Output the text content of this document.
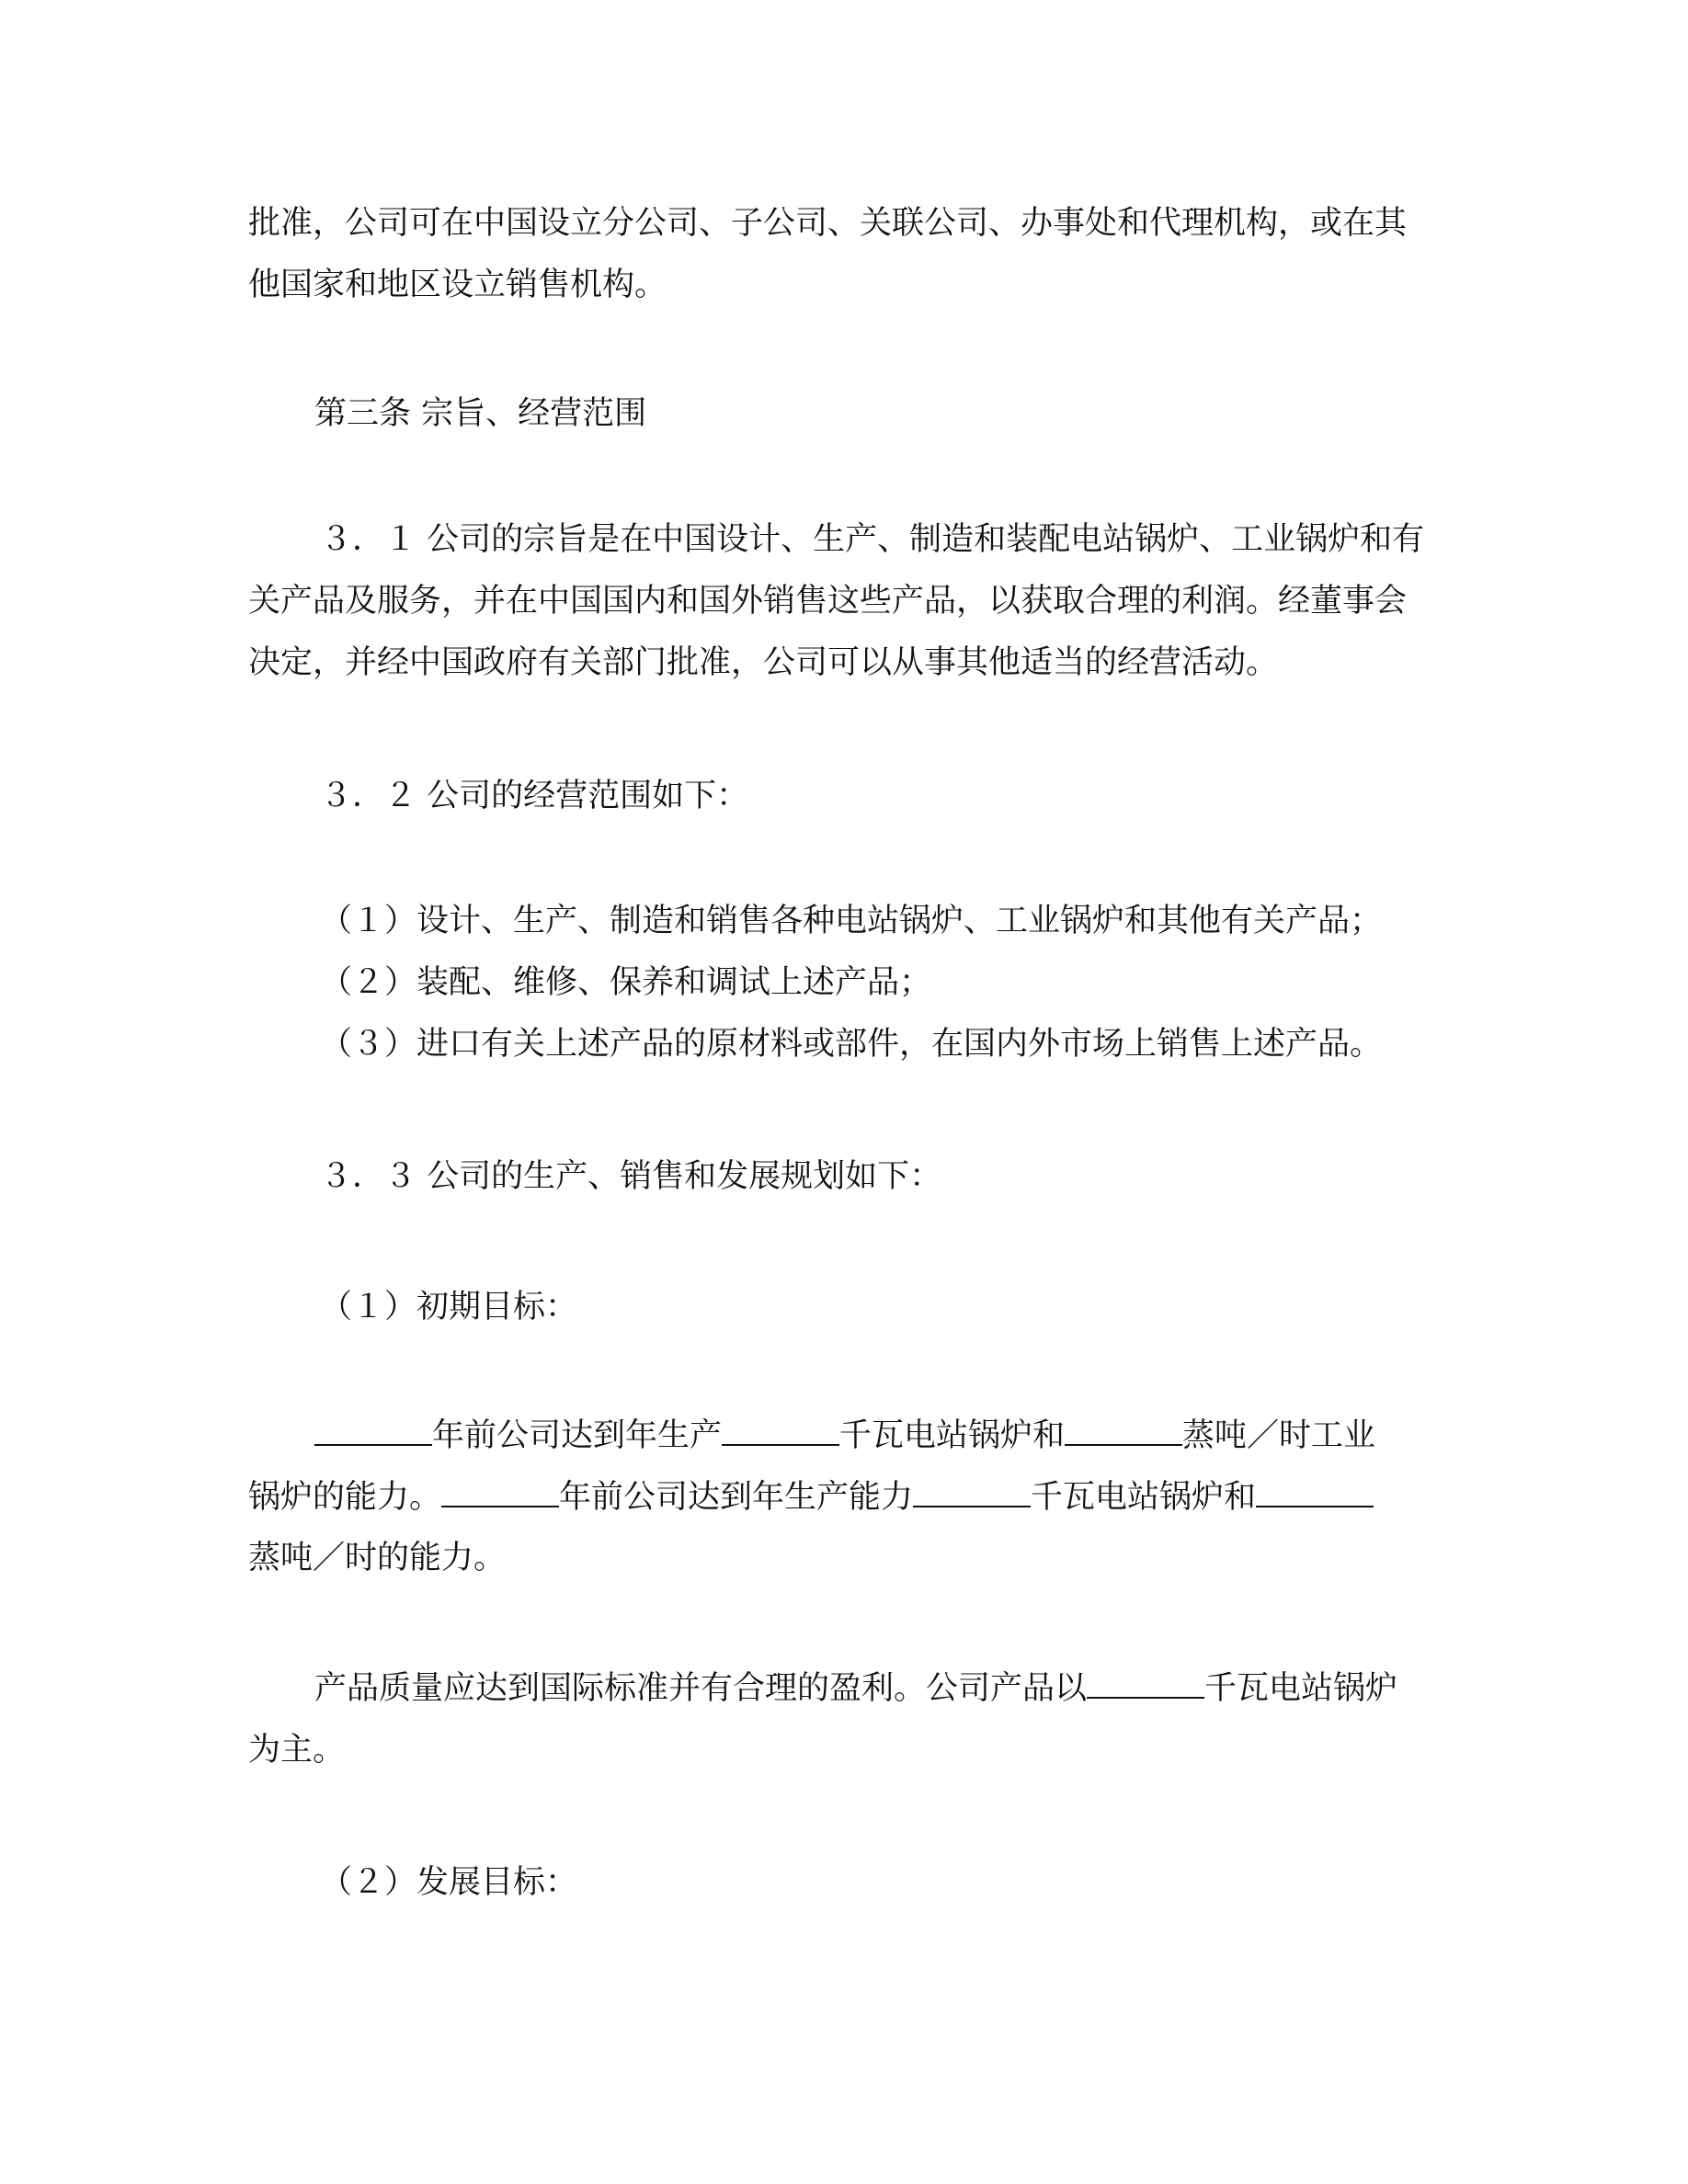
批准，公司可在中国设立分公司、子公司、关联公司、办事处和代理机构，或在其
他国家和地区设立销售机构。
第三条 宗旨、经营范围
３．１ 公司的宗旨是在中国设计、生产、制造和装配电站锅炉、工业锅炉和有
关产品及服务，并在中国国内和国外销售这些产品，以获取合理的利润。经董事会
决定，并经中国政府有关部门批准，公司可以从事其他适当的经营活动。
３．２ 公司的经营范围如下：
（１）设计、生产、制造和销售各种电站锅炉、工业锅炉和其他有关产品；
（２）装配、维修、保养和调试上述产品；
（３）进口有关上述产品的原材料或部件，在国内外市场上销售上述产品。
３．３ 公司的生产、销售和发展规划如下：
（１）初期目标：
年前公司达到年生产	千瓦电站锅炉和	蒸吨／时工业
锅炉的能力。	年前公司达到年生产能力	千瓦电站锅炉和
蒸吨／时的能力。
产品质量应达到国际标准并有合理的盈利。公司产品以	千瓦电站锅炉
为主。
（２）发展目标：
